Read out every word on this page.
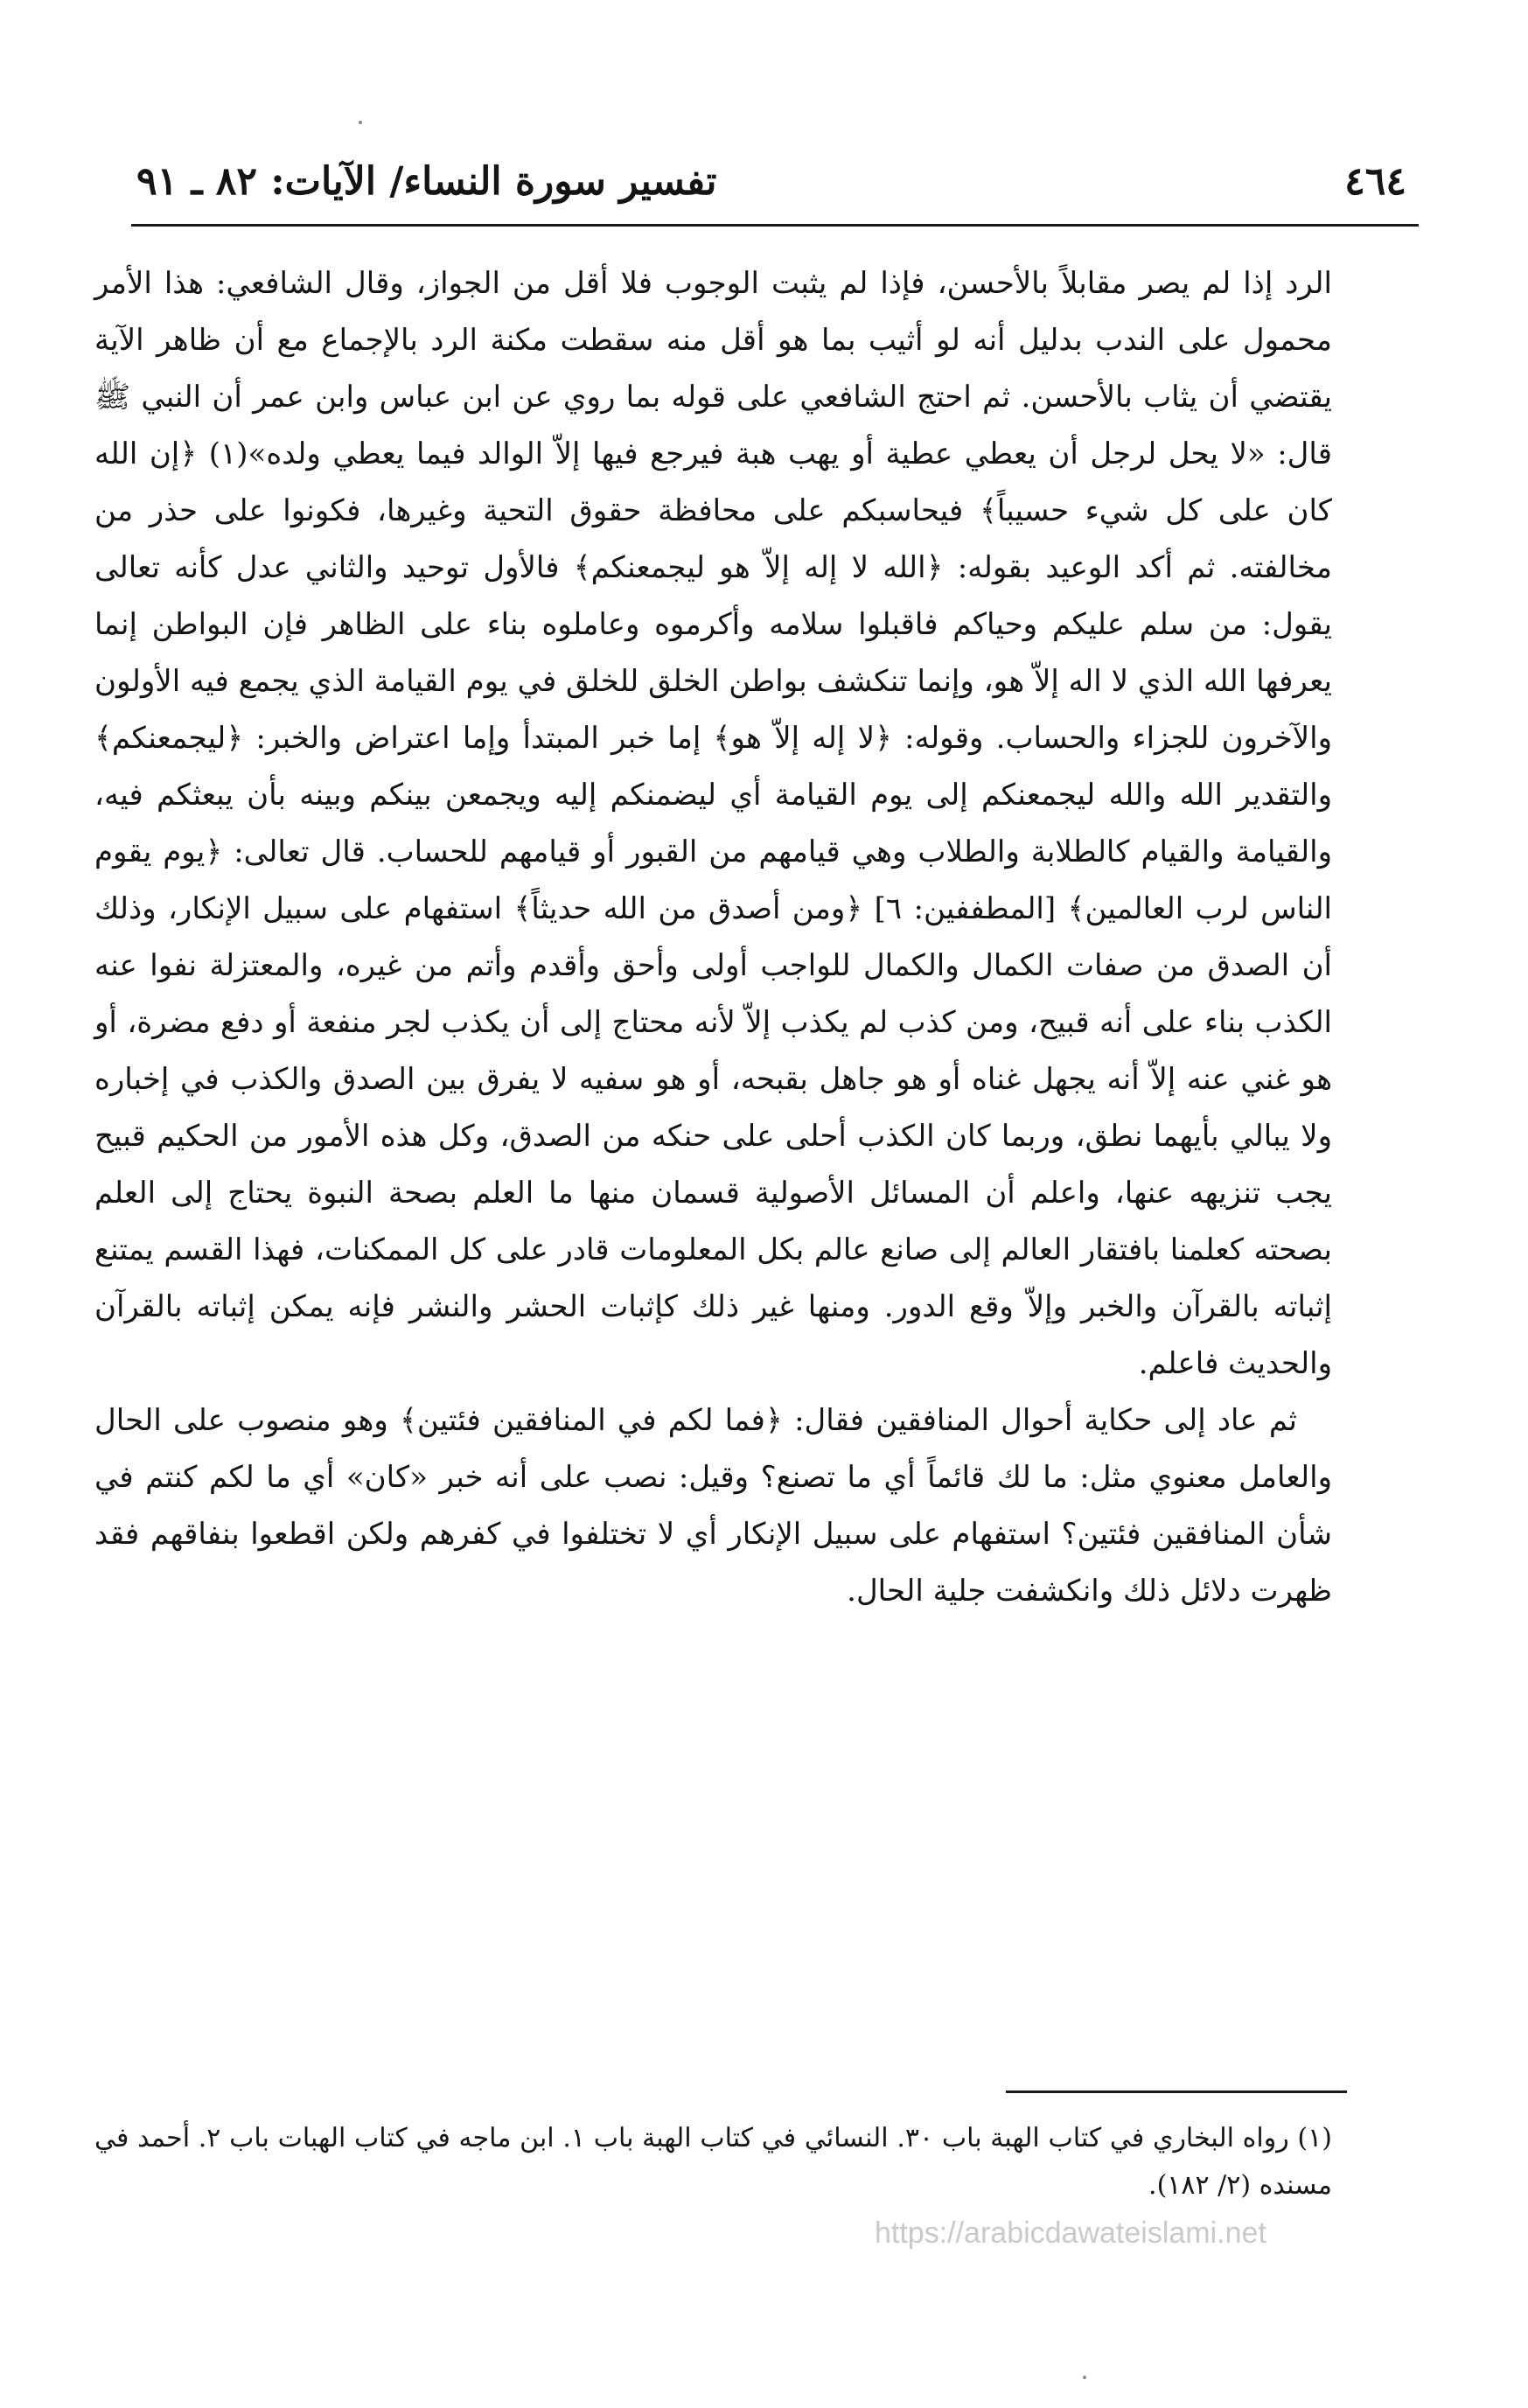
٤٦٤
تفسير سورة النساء/ الآيات: ٨٢ ـ ٩١

الرد إذا لم يصر مقابلاً بالأحسن، فإذا لم يثبت الوجوب فلا أقل من الجواز، وقال الشافعي: هذا الأمر محمول على الندب بدليل أنه لو أثيب بما هو أقل منه سقطت مكنة الرد بالإجماع مع أن ظاهر الآية يقتضي أن يثاب بالأحسن. ثم احتج الشافعي على قوله بما روي عن ابن عباس وابن عمر أن النبي ﷺ قال: «لا يحل لرجل أن يعطي عطية أو يهب هبة فيرجع فيها إلاّ الوالد فيما يعطي ولده»(١) ﴿إن الله كان على كل شيء حسيباً﴾ فيحاسبكم على محافظة حقوق التحية وغيرها، فكونوا على حذر من مخالفته. ثم أكد الوعيد بقوله: ﴿الله لا إله إلاّ هو ليجمعنكم﴾ فالأول توحيد والثاني عدل كأنه تعالى يقول: من سلم عليكم وحياكم فاقبلوا سلامه وأكرموه وعاملوه بناء على الظاهر فإن البواطن إنما يعرفها الله الذي لا اله إلاّ هو، وإنما تنكشف بواطن الخلق للخلق في يوم القيامة الذي يجمع فيه الأولون والآخرون للجزاء والحساب. وقوله: ﴿لا إله إلاّ هو﴾ إما خبر المبتدأ وإما اعتراض والخبر: ﴿ليجمعنكم﴾ والتقدير الله والله ليجمعنكم إلى يوم القيامة أي ليضمنكم إليه ويجمعن بينكم وبينه بأن يبعثكم فيه، والقيامة والقيام كالطلابة والطلاب وهي قيامهم من القبور أو قيامهم للحساب. قال تعالى: ﴿يوم يقوم الناس لرب العالمين﴾ [المطففين: ٦] ﴿ومن أصدق من الله حديثاً﴾ استفهام على سبيل الإنكار، وذلك أن الصدق من صفات الكمال والكمال للواجب أولى وأحق وأقدم وأتم من غيره، والمعتزلة نفوا عنه الكذب بناء على أنه قبيح، ومن كذب لم يكذب إلاّ لأنه محتاج إلى أن يكذب لجر منفعة أو دفع مضرة، أو هو غني عنه إلاّ أنه يجهل غناه أو هو جاهل بقبحه، أو هو سفيه لا يفرق بين الصدق والكذب في إخباره ولا يبالي بأيهما نطق، وربما كان الكذب أحلى على حنكه من الصدق، وكل هذه الأمور من الحكيم قبيح يجب تنزيهه عنها، واعلم أن المسائل الأصولية قسمان منها ما العلم بصحة النبوة يحتاج إلى العلم بصحته كعلمنا بافتقار العالم إلى صانع عالم بكل المعلومات قادر على كل الممكنات، فهذا القسم يمتنع إثباته بالقرآن والخبر وإلاّ وقع الدور. ومنها غير ذلك كإثبات الحشر والنشر فإنه يمكن إثباته بالقرآن والحديث فاعلم.

ثم عاد إلى حكاية أحوال المنافقين فقال: ﴿فما لكم في المنافقين فئتين﴾ وهو منصوب على الحال والعامل معنوي مثل: ما لك قائماً أي ما تصنع؟ وقيل: نصب على أنه خبر «كان» أي ما لكم كنتم في شأن المنافقين فئتين؟ استفهام على سبيل الإنكار أي لا تختلفوا في كفرهم ولكن اقطعوا بنفاقهم فقد ظهرت دلائل ذلك وانكشفت جلية الحال.

(١) رواه البخاري في كتاب الهبة باب ٣٠. النسائي في كتاب الهبة باب ١. ابن ماجه في كتاب الهبات باب ٢. أحمد في مسنده (٢/ ١٨٢).
https://arabicdawateislami.net
